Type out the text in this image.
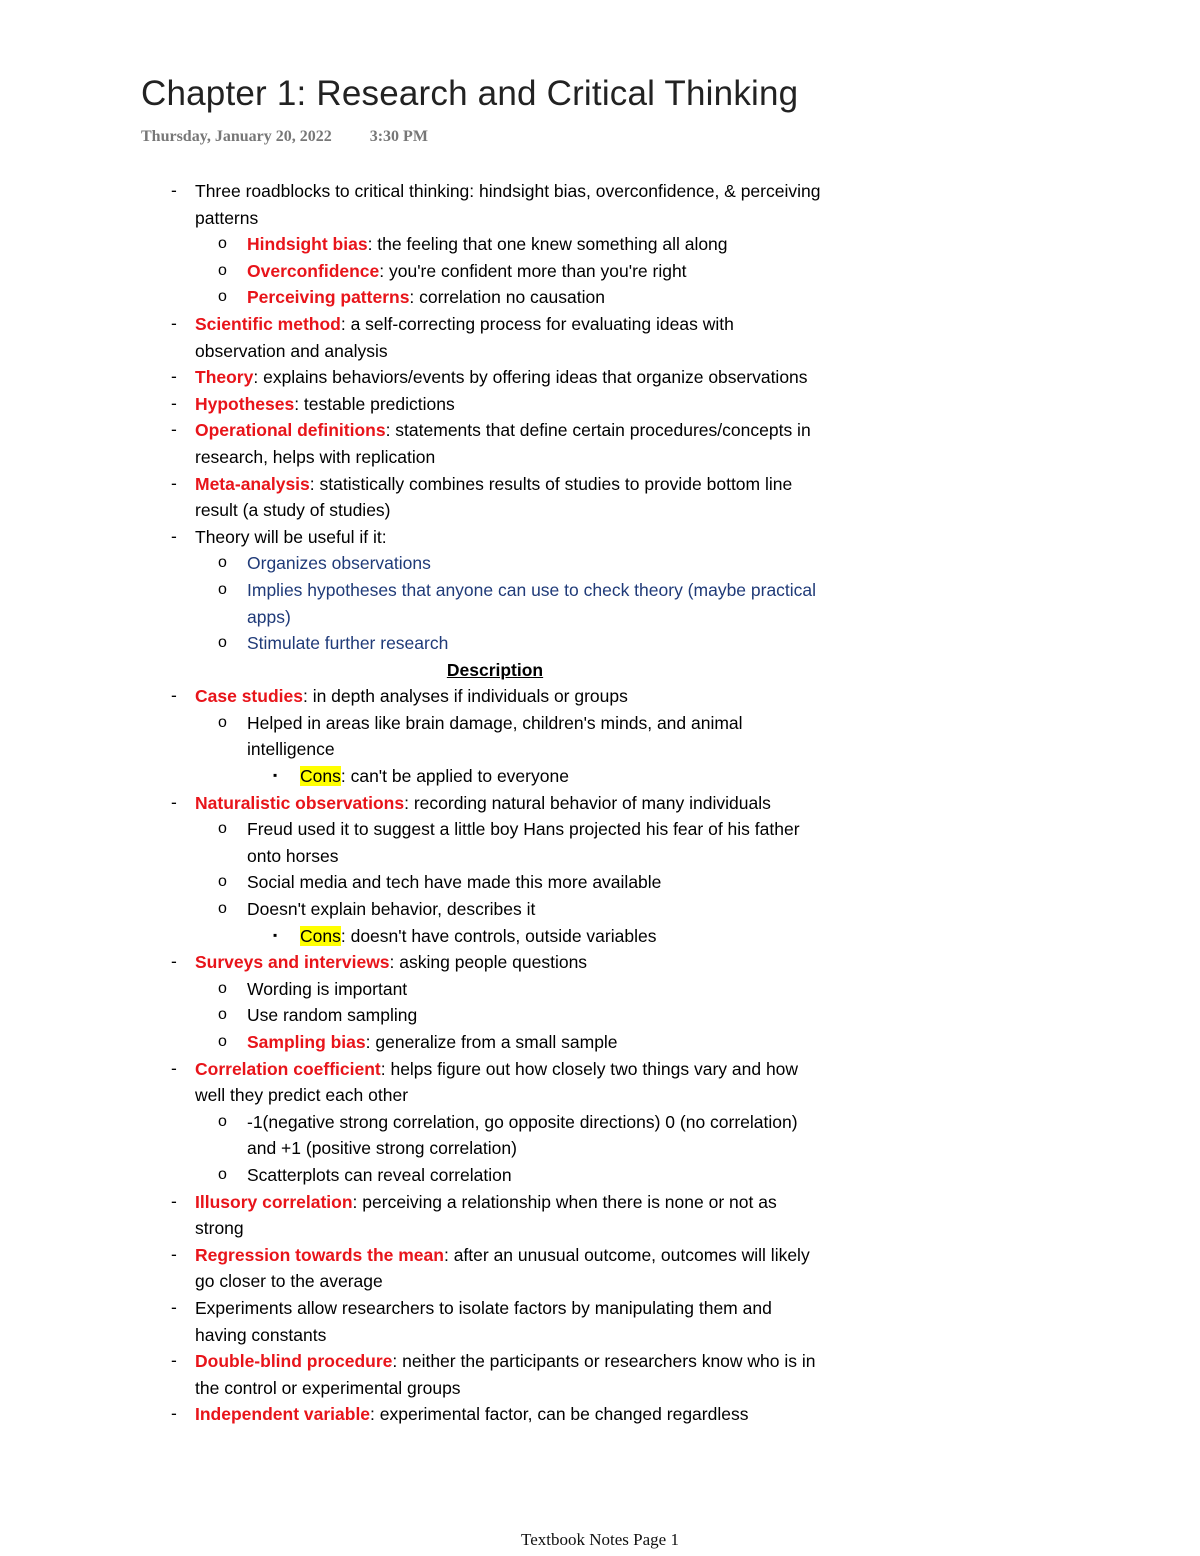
Chapter 1: Research and Critical Thinking
Thursday, January 20, 2022 3:30 PM
- Three roadblocks to critical thinking: hindsight bias, overconfidence, & perceiving patterns
o Hindsight bias: the feeling that one knew something all along
o Overconfidence: you're confident more than you're right
o Perceiving patterns: correlation no causation
- Scientific method: a self-correcting process for evaluating ideas with observation and analysis
- Theory: explains behaviors/events by offering ideas that organize observations
- Hypotheses: testable predictions
- Operational definitions: statements that define certain procedures/concepts in research, helps with replication
- Meta-analysis: statistically combines results of studies to provide bottom line result (a study of studies)
- Theory will be useful if it:
o Organizes observations
o Implies hypotheses that anyone can use to check theory (maybe practical apps)
o Stimulate further research
Description
- Case studies: in depth analyses if individuals or groups
o Helped in areas like brain damage, children's minds, and animal intelligence
▪ Cons: can't be applied to everyone
- Naturalistic observations: recording natural behavior of many individuals
o Freud used it to suggest a little boy Hans projected his fear of his father onto horses
o Social media and tech have made this more available
o Doesn't explain behavior, describes it
▪ Cons: doesn't have controls, outside variables
- Surveys and interviews: asking people questions
o Wording is important
o Use random sampling
o Sampling bias: generalize from a small sample
- Correlation coefficient: helps figure out how closely two things vary and how well they predict each other
o -1(negative strong correlation, go opposite directions) 0 (no correlation) and +1 (positive strong correlation)
o Scatterplots can reveal correlation
- Illusory correlation: perceiving a relationship when there is none or not as strong
- Regression towards the mean: after an unusual outcome, outcomes will likely go closer to the average
- Experiments allow researchers to isolate factors by manipulating them and having constants
- Double-blind procedure: neither the participants or researchers know who is in the control or experimental groups
- Independent variable: experimental factor, can be changed regardless
Textbook Notes Page 1
